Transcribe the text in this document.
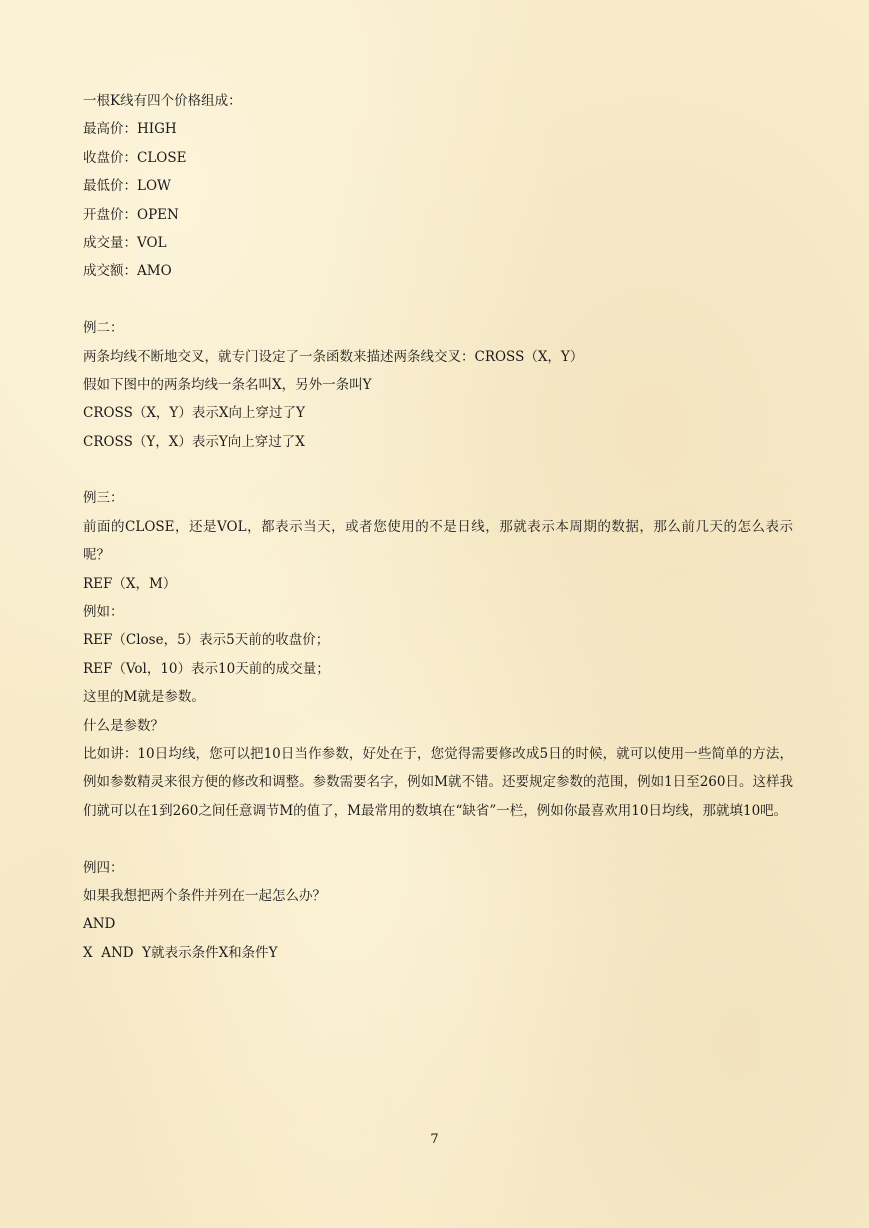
一根K线有四个价格组成：
最高价：HIGH
收盘价：CLOSE
最低价：LOW
开盘价：OPEN
成交量：VOL
成交额：AMO
例二：
两条均线不断地交叉，就专门设定了一条函数来描述两条线交叉：CROSS（X，Y）
假如下图中的两条均线一条名叫X，另外一条叫Y
CROSS（X，Y）表示X向上穿过了Y
CROSS（Y，X）表示Y向上穿过了X
例三：
前面的CLOSE，还是VOL，都表示当天，或者您使用的不是日线，那就表示本周期的数据，那么前几天的怎么表示呢？
REF（X，M）
例如：
REF（Close，5）表示5天前的收盘价；
REF（Vol，10）表示10天前的成交量；
这里的M就是参数。
什么是参数？
比如讲：10日均线，您可以把10日当作参数，好处在于，您觉得需要修改成5日的时候，就可以使用一些简单的方法，例如参数精灵来很方便的修改和调整。参数需要名字，例如M就不错。还要规定参数的范围，例如1日至260日。这样我们就可以在1到260之间任意调节M的值了，M最常用的数填在“缺省”一栏，例如你最喜欢用10日均线，那就填10吧。
例四：
如果我想把两个条件并列在一起怎么办？
AND
X  AND  Y就表示条件X和条件Y
7
